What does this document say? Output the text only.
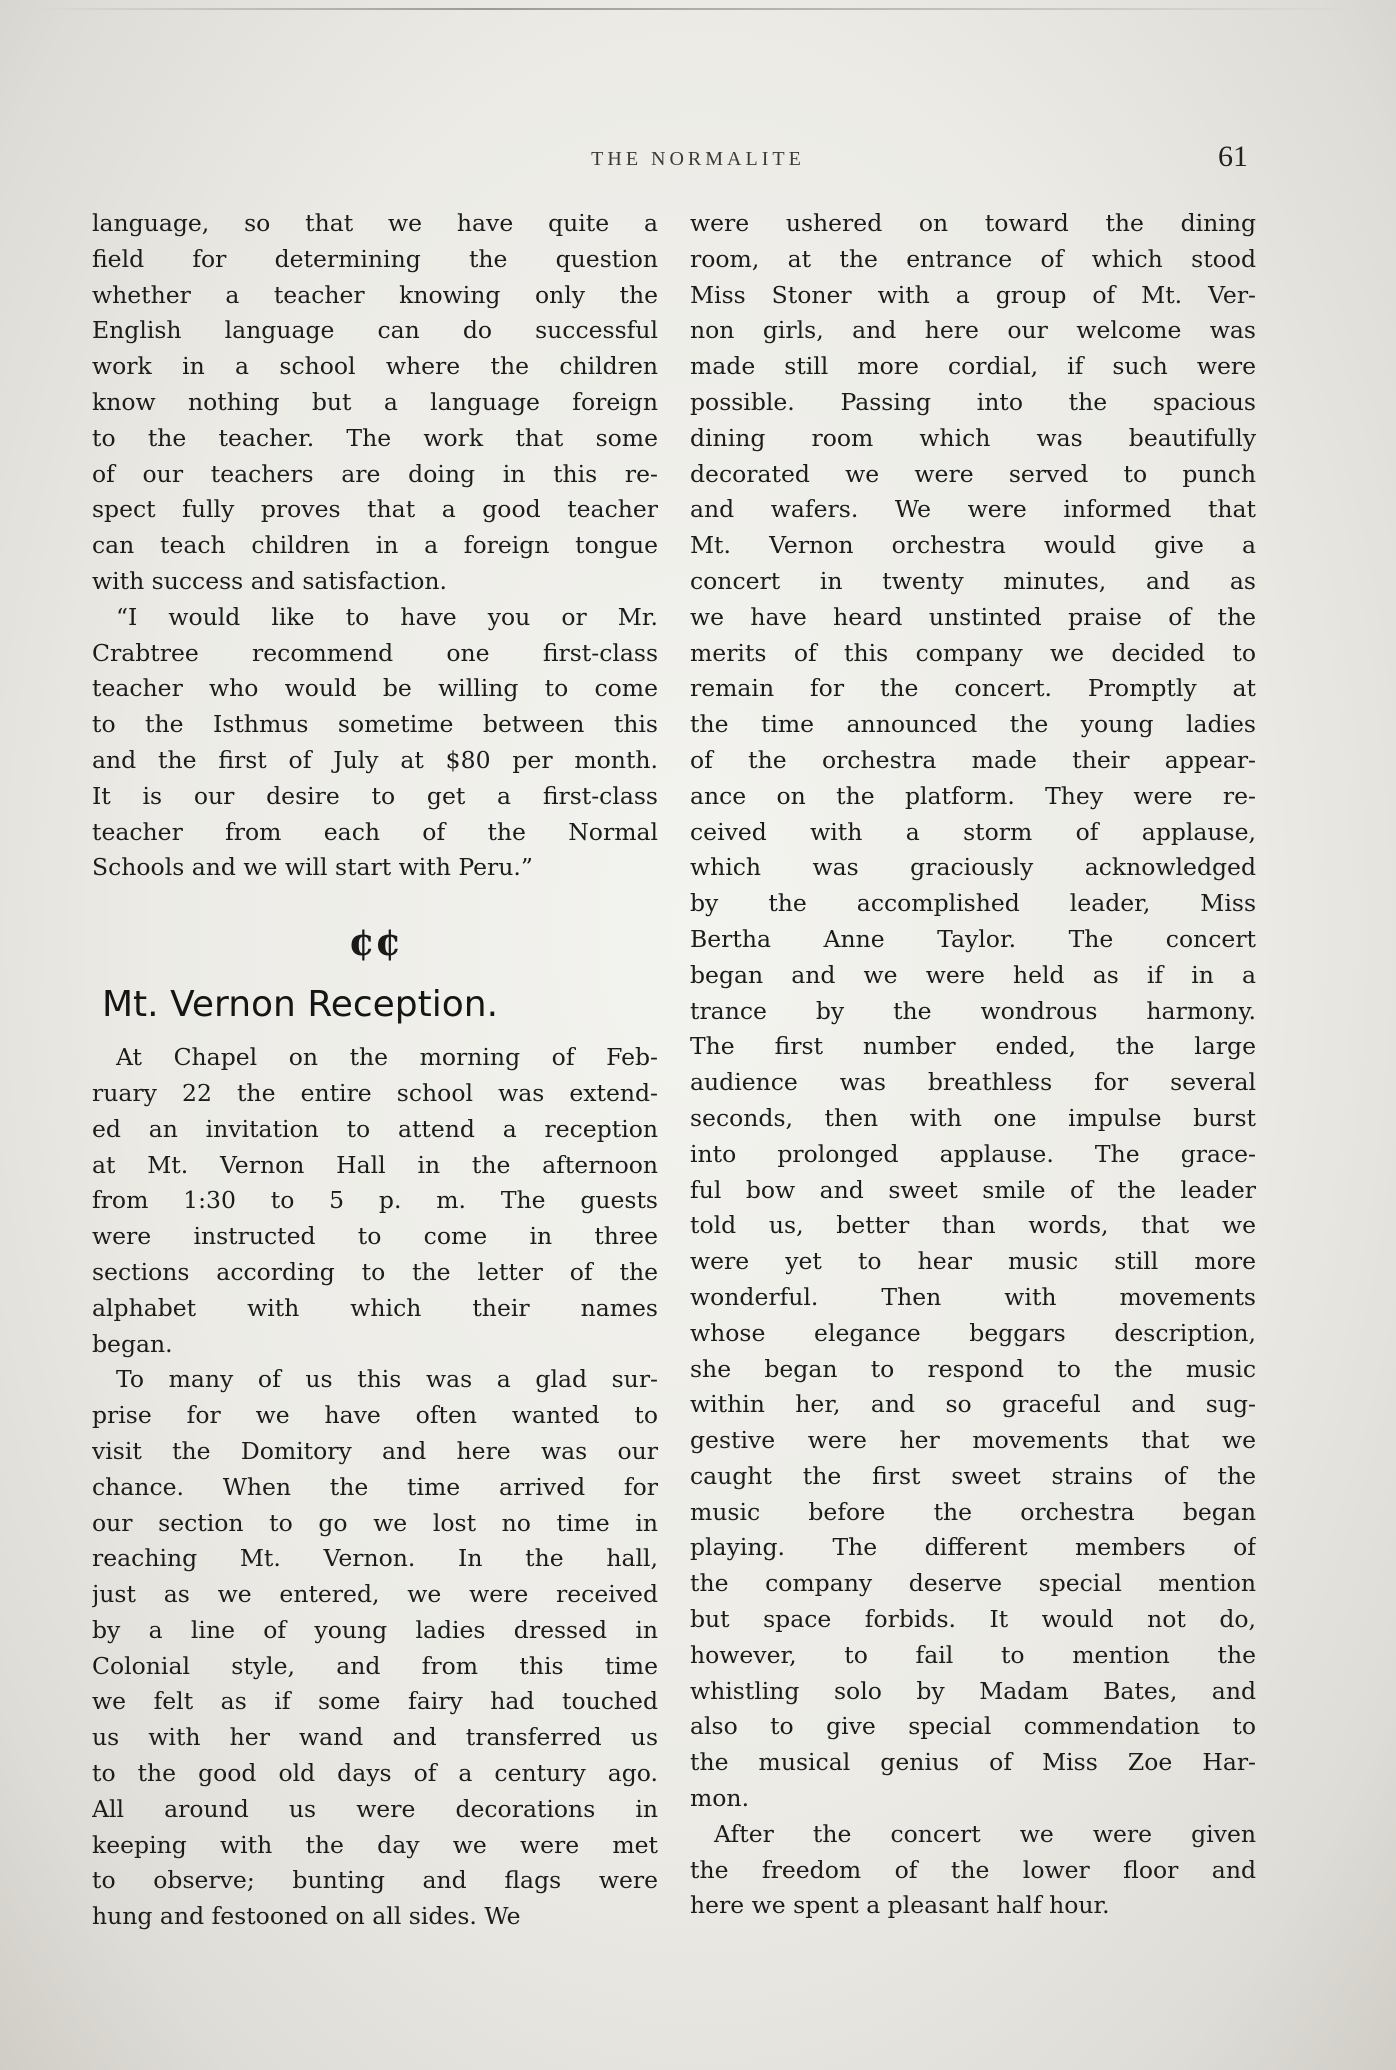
THE NORMALITE	61
language, so that we have quite a
field for determining the question
whether a teacher knowing only the
English language can do successful
work in a school where the children
know nothing but a language foreign
to the teacher. The work that some
of our teachers are doing in this re-
spect fully proves that a good teacher
can teach children in a foreign tongue
with success and satisfaction.
“I would like to have you or Mr.
Crabtree recommend one first-class
teacher who would be willing to come
to the Isthmus sometime between this
and the first of July at $80 per month.
It is our desire to get a first-class
teacher from each of the Normal
Schools and we will start with Peru.”
¢¢
Mt. Vernon Reception.
At Chapel on the morning of Feb-
ruary 22 the entire school was extend-
ed an invitation to attend a reception
at Mt. Vernon Hall in the afternoon
from 1:30 to 5 p. m. The guests
were instructed to come in three
sections according to the letter of the
alphabet with which their names
began.
To many of us this was a glad sur-
prise for we have often wanted to
visit the Domitory and here was our
chance. When the time arrived for
our section to go we lost no time in
reaching Mt. Vernon. In the hall,
just as we entered, we were received
by a line of young ladies dressed in
Colonial style, and from this time
we felt as if some fairy had touched
us with her wand and transferred us
to the good old days of a century ago.
All around us were decorations in
keeping with the day we were met
to observe; bunting and flags were
hung and festooned on all sides. We
were ushered on toward the dining
room, at the entrance of which stood
Miss Stoner with a group of Mt. Ver-
non girls, and here our welcome was
made still more cordial, if such were
possible. Passing into the spacious
dining room which was beautifully
decorated we were served to punch
and wafers. We were informed that
Mt. Vernon orchestra would give a
concert in twenty minutes, and as
we have heard unstinted praise of the
merits of this company we decided to
remain for the concert. Promptly at
the time announced the young ladies
of the orchestra made their appear-
ance on the platform. They were re-
ceived with a storm of applause,
which was graciously acknowledged
by the accomplished leader, Miss
Bertha Anne Taylor. The concert
began and we were held as if in a
trance by the wondrous harmony.
The first number ended, the large
audience was breathless for several
seconds, then with one impulse burst
into prolonged applause. The grace-
ful bow and sweet smile of the leader
told us, better than words, that we
were yet to hear music still more
wonderful. Then with movements
whose elegance beggars description,
she began to respond to the music
within her, and so graceful and sug-
gestive were her movements that we
caught the first sweet strains of the
music before the orchestra began
playing. The different members of
the company deserve special mention
but space forbids. It would not do,
however, to fail to mention the
whistling solo by Madam Bates, and
also to give special commendation to
the musical genius of Miss Zoe Har-
mon.
After the concert we were given
the freedom of the lower floor and
here we spent a pleasant half hour.
